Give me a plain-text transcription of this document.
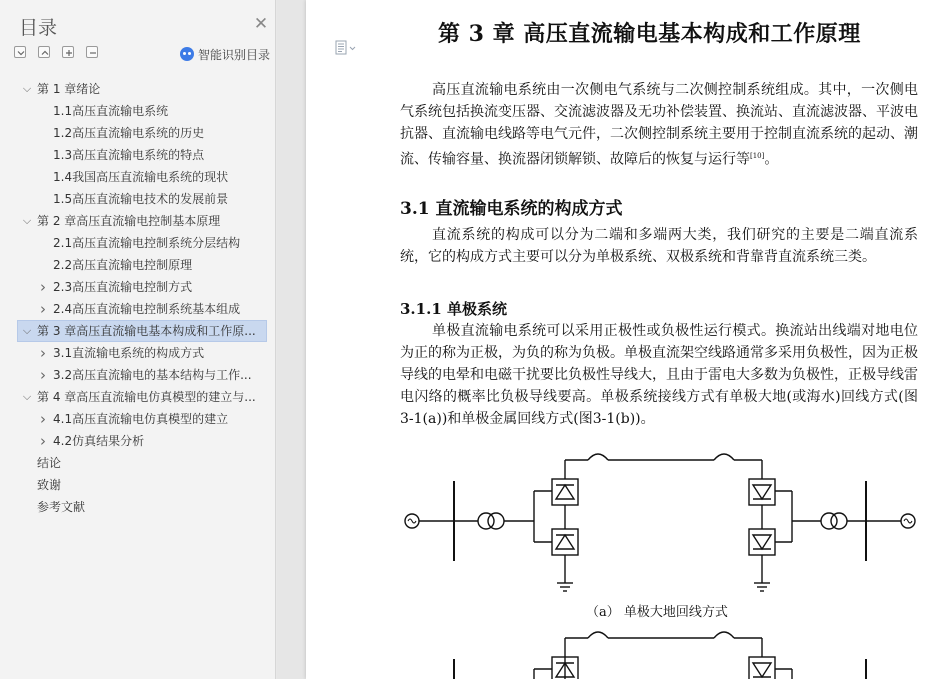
目录	✕
智能识别目录
⌵ 第 1 章绪论
1.1高压直流输电系统
1.2高压直流输电系统的历史
1.3高压直流输电系统的特点
1.4我国高压直流输电系统的现状
1.5高压直流输电技术的发展前景
⌵ 第 2 章高压直流输电控制基本原理
2.1高压直流输电控制系统分层结构
2.2高压直流输电控制原理
› 2.3高压直流输电控制方式
› 2.4高压直流输电控制系统基本组成
⌵ 第 3 章高压直流输电基本构成和工作原...
› 3.1直流输电系统的构成方式
› 3.2高压直流输电的基本结构与工作...
⌵ 第 4 章高压直流输电仿真模型的建立与...
› 4.1高压直流输电仿真模型的建立
› 4.2仿真结果分析
结论
致谢
参考文献
第 3 章 高压直流输电基本构成和工作原理

高压直流输电系统由一次侧电气系统与二次侧控制系统组成。其中，一次侧电气系统包括换流变压器、交流滤波器及无功补偿装置、换流站、直流滤波器、平波电抗器、直流输电线路等电气元件，二次侧控制系统主要用于控制直流系统的起动、潮流、传输容量、换流器闭锁解锁、故障后的恢复与运行等[10]。

3.1 直流输电系统的构成方式

直流系统的构成可以分为二端和多端两大类，我们研究的主要是二端直流系统，它的构成方式主要可以分为单极系统、双极系统和背靠背直流系统三类。

3.1.1 单极系统

单极直流输电系统可以采用正极性或负极性运行模式。换流站出线端对地电位为正的称为正极，为负的称为负极。单极直流架空线路通常多采用负极性，因为正极导线的电晕和电磁干扰要比负极性导线大，且由于雷电大多数为负极性，正极导线雷电闪络的概率比负极导线要高。单极系统接线方式有单极大地(或海水)回线方式(图3-1(a))和单极金属回线方式(图3-1(b))。

（a） 单极大地回线方式
